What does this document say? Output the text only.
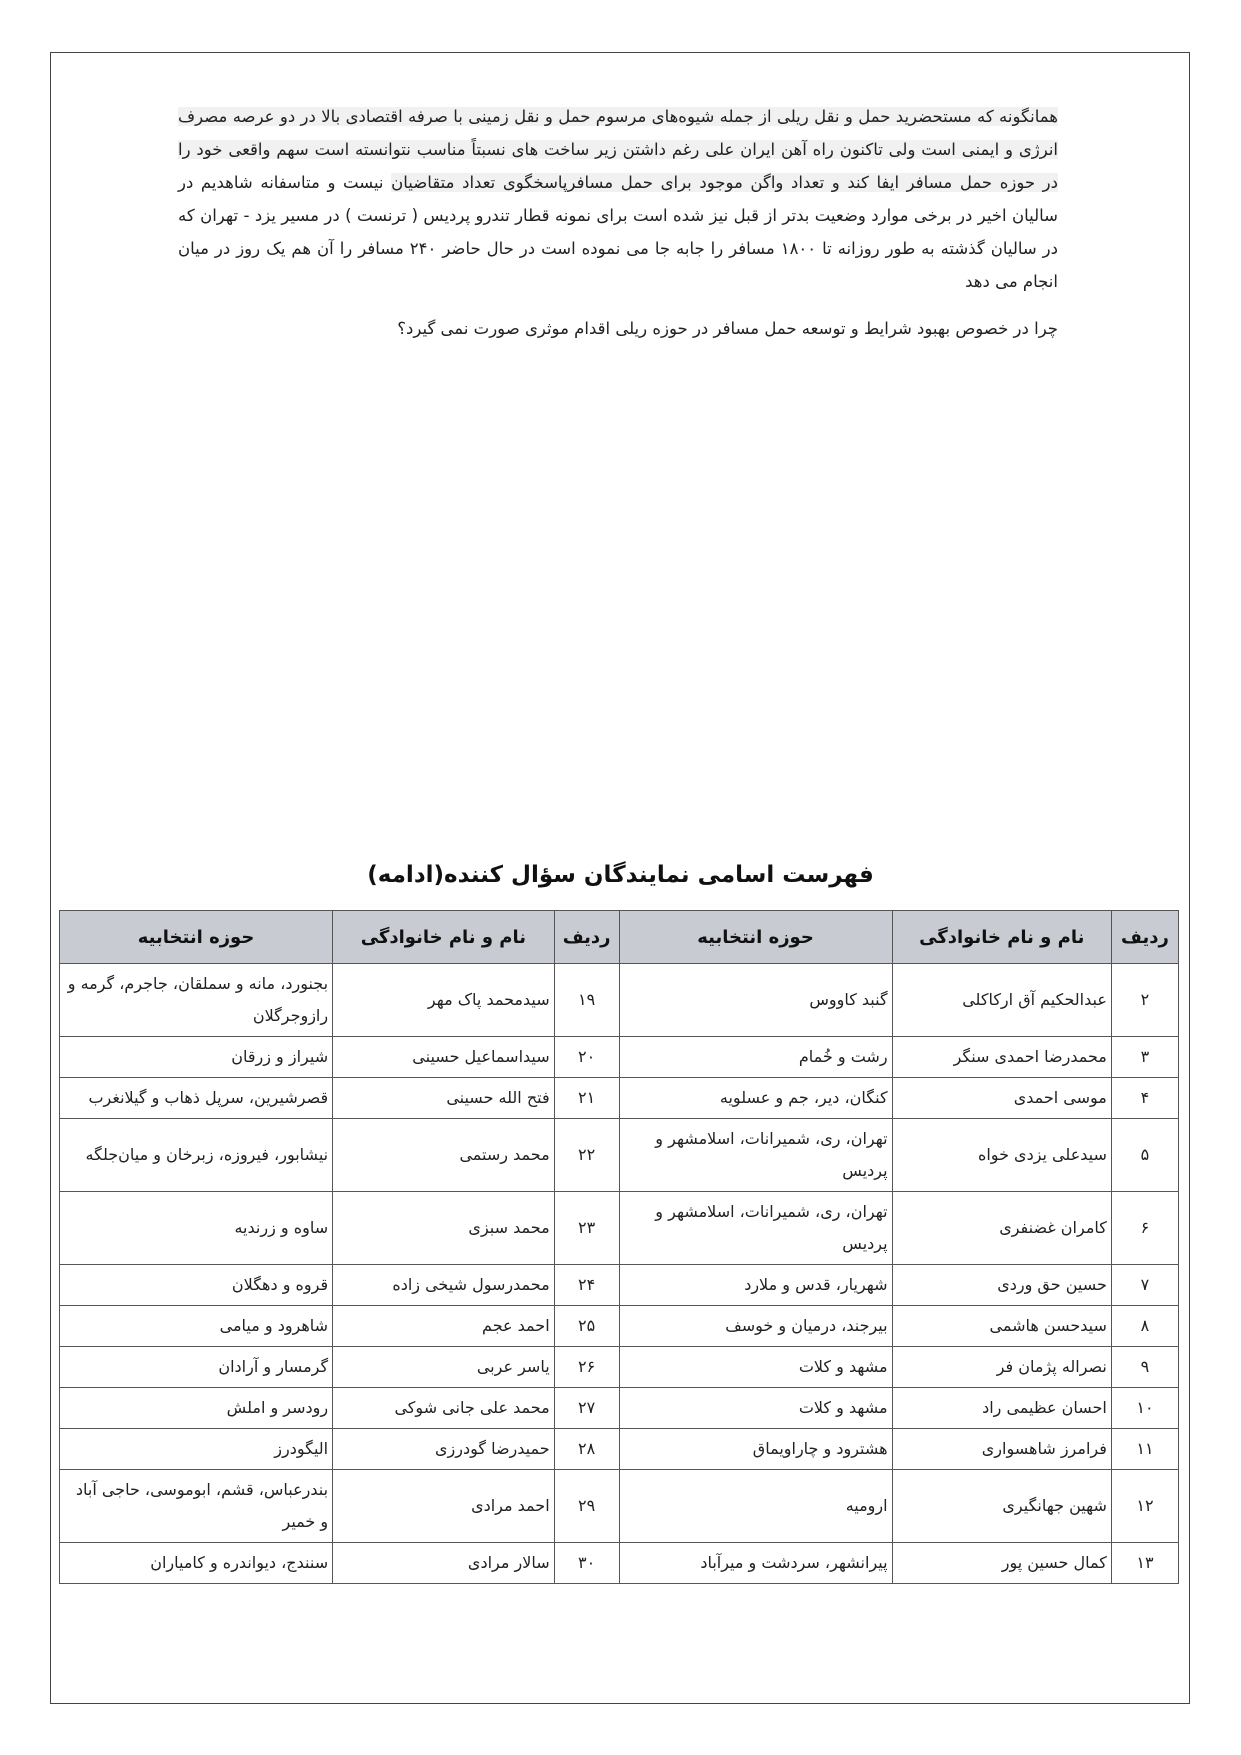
همانگونه که مستحضرید حمل و نقل ریلی از جمله شیوه‌های مرسوم حمل و نقل زمینی با صرفه اقتصادی بالا در دو عرصه مصرف انرژی و ایمنی است ولی تاکنون راه آهن ایران علی رغم داشتن زیر ساخت های نسبتاً مناسب نتوانسته است سهم واقعی خود را در حوزه حمل مسافر ایفا کند و تعداد واگن موجود برای حمل مسافرپاسخگوی تعداد متقاضیان نیست و متاسفانه شاهدیم در سالیان اخیر در برخی موارد وضعیت بدتر از قبل نیز شده است برای نمونه قطار تندرو پردیس ( ترنست ) در مسیر یزد - تهران که در سالیان گذشته به طور روزانه تا ۱۸۰۰ مسافر را جابه جا می نموده است در حال حاضر ۲۴۰ مسافر را آن هم یک روز در میان انجام می دهد

چرا در خصوص بهبود شرایط و توسعه حمل مسافر در حوزه ریلی اقدام موثری صورت نمی گیرد؟

فهرست اسامی نمایندگان سؤال کننده(ادامه)
ردیف	نام و نام خانوادگی	حوزه انتخابیه	ردیف	نام و نام خانوادگی	حوزه انتخابیه
۲	عبدالحکیم آق ارکاکلی	گنبد کاووس	۱۹	سیدمحمد پاک مهر	بجنورد، مانه و سملقان، جاجرم، گرمه و رازوجرگلان
۳	محمدرضا احمدی سنگر	رشت و خُمام	۲۰	سیداسماعیل حسینی	شیراز و زرقان
۴	موسی احمدی	کنگان، دیر، جم و عسلویه	۲۱	فتح الله حسینی	قصرشیرین، سرپل ذهاب و گیلانغرب
۵	سیدعلی یزدی خواه	تهران، ری، شمیرانات، اسلامشهر و پردیس	۲۲	محمد رستمی	نیشابور، فیروزه، زبرخان و میان‌جلگه
۶	کامران غضنفری	تهران، ری، شمیرانات، اسلامشهر و پردیس	۲۳	محمد سبزی	ساوه و زرندیه
۷	حسین حق وردی	شهریار، قدس و ملارد	۲۴	محمدرسول شیخی زاده	قروه و دهگلان
۸	سیدحسن هاشمی	بیرجند، درمیان و خوسف	۲۵	احمد عجم	شاهرود و میامی
۹	نصراله پژمان فر	مشهد و کلات	۲۶	یاسر عربی	گرمسار و آرادان
۱۰	احسان عظیمی راد	مشهد و کلات	۲۷	محمد علی جانی شوکی	رودسر و املش
۱۱	فرامرز شاهسواری	هشترود و چاراویماق	۲۸	حمیدرضا گودرزی	الیگودرز
۱۲	شهین جهانگیری	ارومیه	۲۹	احمد مرادی	بندرعباس، قشم، ابوموسی، حاجی آباد و خمیر
۱۳	کمال حسین پور	پیرانشهر، سردشت و میرآباد	۳۰	سالار مرادی	سنندج، دیواندره و کامیاران
